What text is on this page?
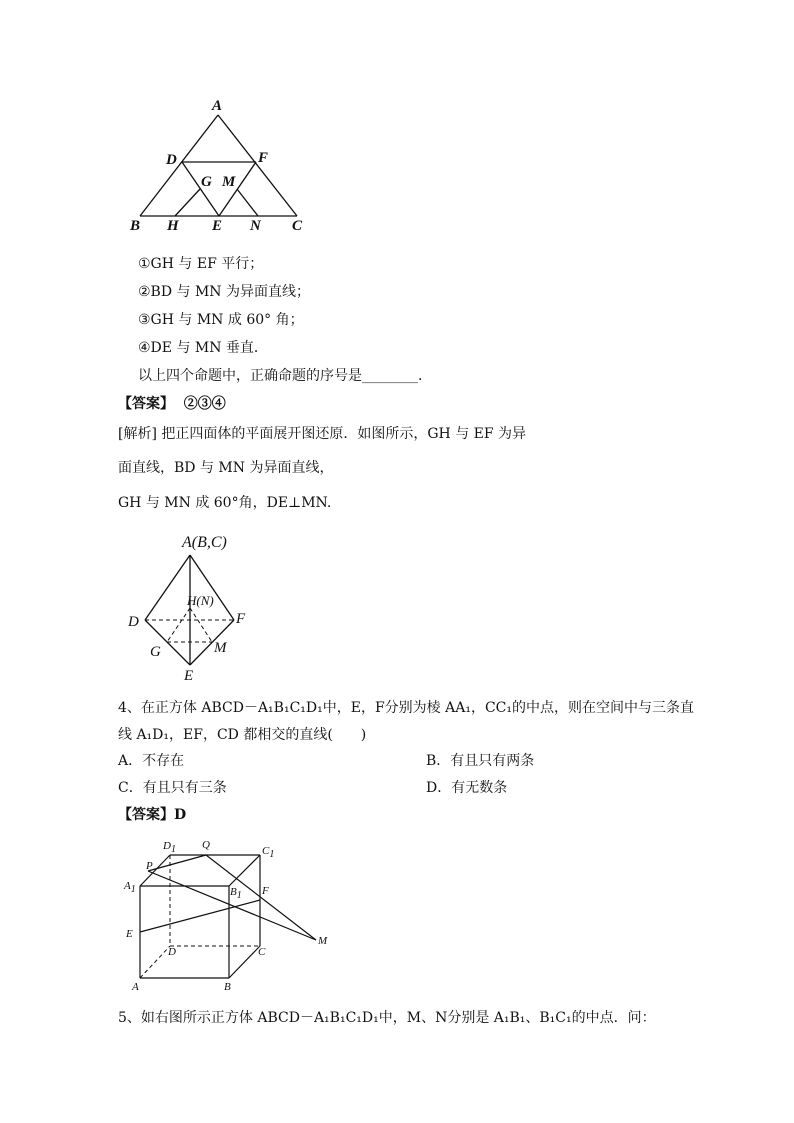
A
D	F
G M
B H E N C
①GH 与 EF 平行；
②BD 与 MN 为异面直线；
③GH 与 MN 成 60° 角；
④DE 与 MN 垂直．
以上四个命题中，正确命题的序号是________．
【答案】 ②③④
[解析] 把正四面体的平面展开图还原．如图所示，GH 与 EF 为异
面直线，BD 与 MN 为异面直线，
GH 与 MN 成 60°角，DE⊥MN.
A(B,C)
D	F
H(N)
G	M
E
4、在正方体 ABCD－A₁B₁C₁D₁中，E，F分别为棱 AA₁，CC₁的中点，则在空间中与三条直
线 A₁D₁，EF，CD 都相交的直线(　　)
A．不存在	B．有且只有两条
C．有且只有三条	D．有无数条
【答案】D
D1 Q	C1
P
A1	B1 F
E
M
D	C
A	B
5、如右图所示正方体 ABCD－A₁B₁C₁D₁中，M、N分别是 A₁B₁、B₁C₁的中点．问：
